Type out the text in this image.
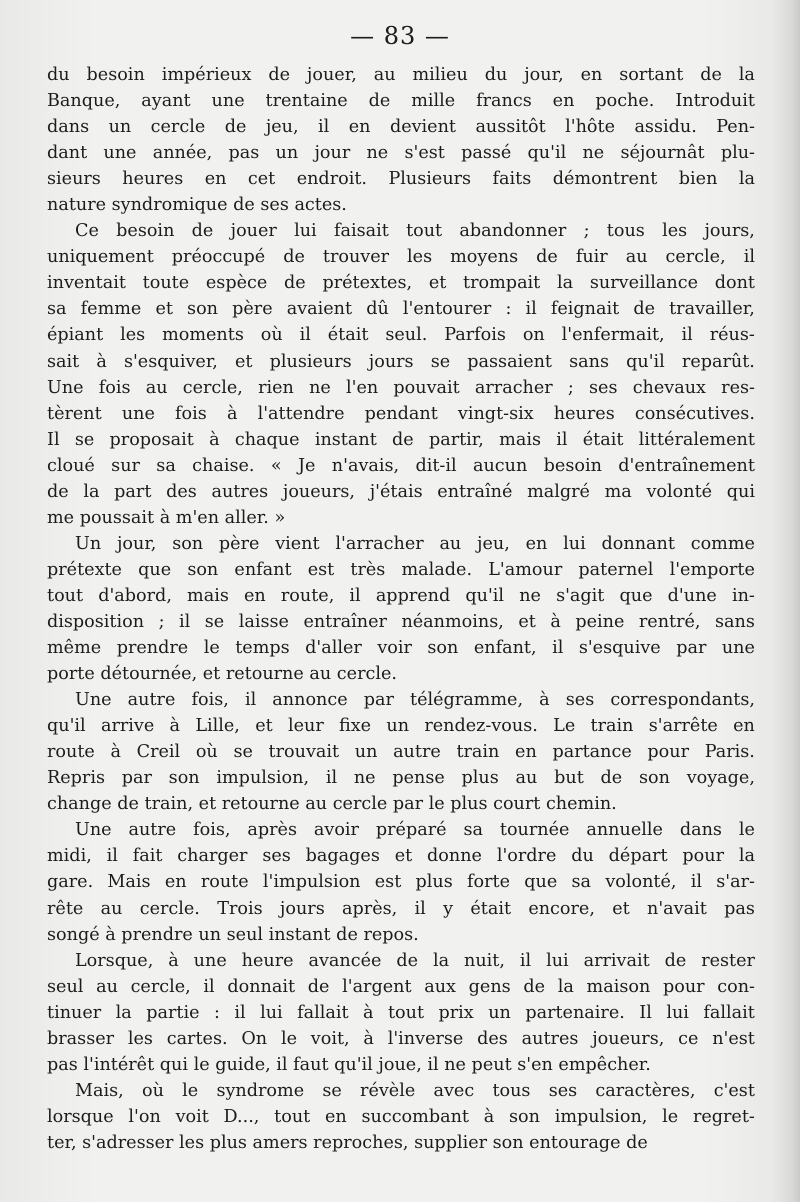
— 83 —
du besoin impérieux de jouer, au milieu du jour, en sortant de la
Banque, ayant une trentaine de mille francs en poche. Introduit
dans un cercle de jeu, il en devient aussitôt l'hôte assidu. Pen-
dant une année, pas un jour ne s'est passé qu'il ne séjournât plu-
sieurs heures en cet endroit. Plusieurs faits démontrent bien la
nature syndromique de ses actes.
Ce besoin de jouer lui faisait tout abandonner ; tous les jours,
uniquement préoccupé de trouver les moyens de fuir au cercle, il
inventait toute espèce de prétextes, et trompait la surveillance dont
sa femme et son père avaient dû l'entourer : il feignait de travailler,
épiant les moments où il était seul. Parfois on l'enfermait, il réus-
sait à s'esquiver, et plusieurs jours se passaient sans qu'il reparût.
Une fois au cercle, rien ne l'en pouvait arracher ; ses chevaux res-
tèrent une fois à l'attendre pendant vingt-six heures consécutives.
Il se proposait à chaque instant de partir, mais il était littéralement
cloué sur sa chaise. « Je n'avais, dit-il aucun besoin d'entraînement
de la part des autres joueurs, j'étais entraîné malgré ma volonté qui
me poussait à m'en aller. »
Un jour, son père vient l'arracher au jeu, en lui donnant comme
prétexte que son enfant est très malade. L'amour paternel l'emporte
tout d'abord, mais en route, il apprend qu'il ne s'agit que d'une in-
disposition ; il se laisse entraîner néanmoins, et à peine rentré, sans
même prendre le temps d'aller voir son enfant, il s'esquive par une
porte détournée, et retourne au cercle.
Une autre fois, il annonce par télégramme, à ses correspondants,
qu'il arrive à Lille, et leur fixe un rendez-vous. Le train s'arrête en
route à Creil où se trouvait un autre train en partance pour Paris.
Repris par son impulsion, il ne pense plus au but de son voyage,
change de train, et retourne au cercle par le plus court chemin.
Une autre fois, après avoir préparé sa tournée annuelle dans le
midi, il fait charger ses bagages et donne l'ordre du départ pour la
gare. Mais en route l'impulsion est plus forte que sa volonté, il s'ar-
rête au cercle. Trois jours après, il y était encore, et n'avait pas
songé à prendre un seul instant de repos.
Lorsque, à une heure avancée de la nuit, il lui arrivait de rester
seul au cercle, il donnait de l'argent aux gens de la maison pour con-
tinuer la partie : il lui fallait à tout prix un partenaire. Il lui fallait
brasser les cartes. On le voit, à l'inverse des autres joueurs, ce n'est
pas l'intérêt qui le guide, il faut qu'il joue, il ne peut s'en empêcher.
Mais, où le syndrome se révèle avec tous ses caractères, c'est
lorsque l'on voit D..., tout en succombant à son impulsion, le regret-
ter, s'adresser les plus amers reproches, supplier son entourage de
